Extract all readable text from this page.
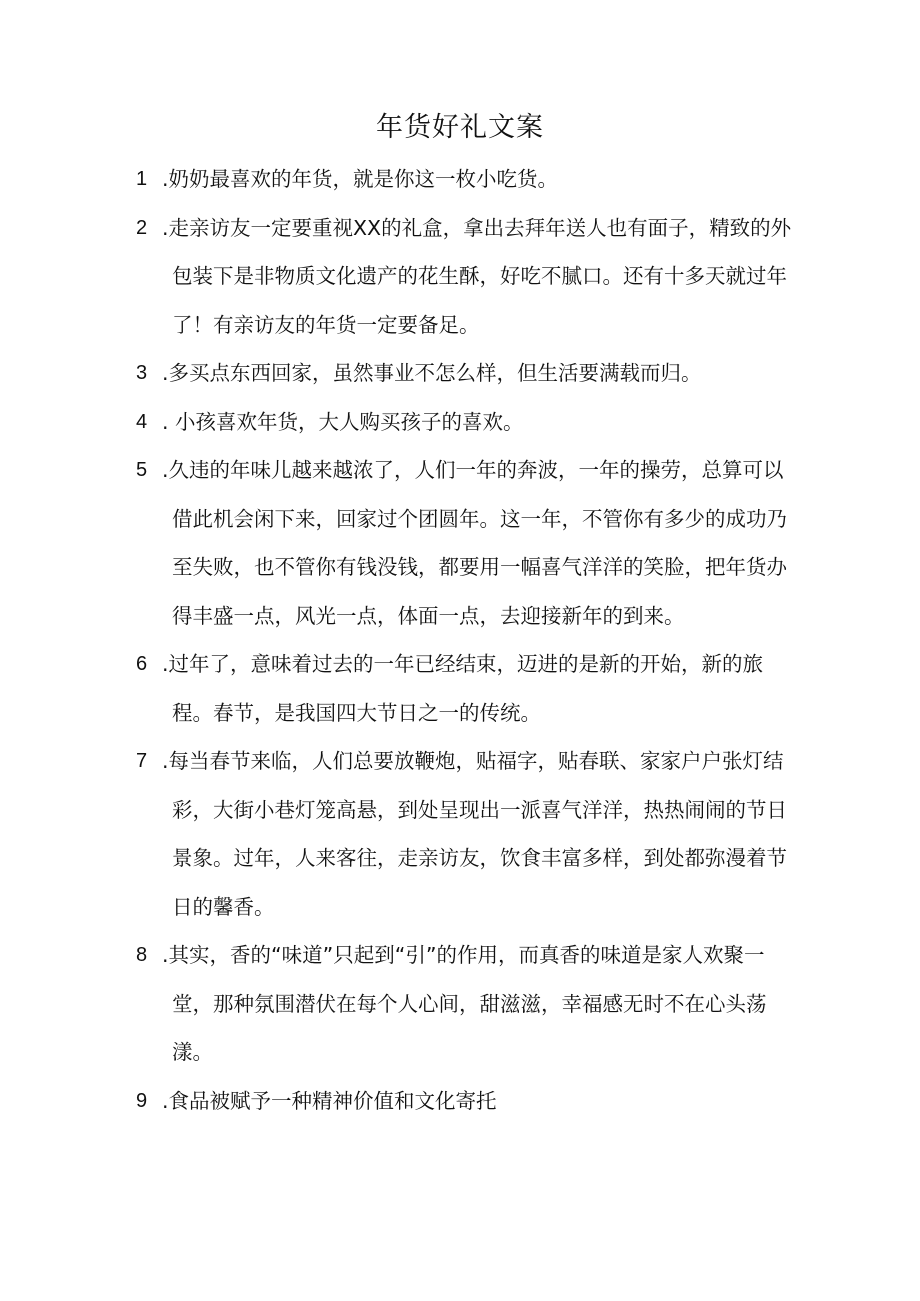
年货好礼文案
1 .奶奶最喜欢的年货，就是你这一枚小吃货。
2 .走亲访友一定要重视XX的礼盒，拿出去拜年送人也有面子，精致的外包装下是非物质文化遗产的花生酥，好吃不腻口。还有十多天就过年了！有亲访友的年货一定要备足。
3 .多买点东西回家，虽然事业不怎么样，但生活要满载而归。
4 . 小孩喜欢年货，大人购买孩子的喜欢。
5 .久违的年味儿越来越浓了，人们一年的奔波，一年的操劳，总算可以借此机会闲下来，回家过个团圆年。这一年，不管你有多少的成功乃至失败，也不管你有钱没钱，都要用一幅喜气洋洋的笑脸，把年货办得丰盛一点，风光一点，体面一点，去迎接新年的到来。
6 .过年了，意味着过去的一年已经结束，迈进的是新的开始，新的旅程。春节，是我国四大节日之一的传统。
7 .每当春节来临，人们总要放鞭炮，贴福字，贴春联、家家户户张灯结彩，大街小巷灯笼高悬，到处呈现出一派喜气洋洋，热热闹闹的节日景象。过年，人来客往，走亲访友，饮食丰富多样，到处都弥漫着节日的馨香。
8 .其实，香的“味道”只起到“引”的作用，而真香的味道是家人欢聚一堂，那种氛围潜伏在每个人心间，甜滋滋，幸福感无时不在心头荡漾。
9 .食品被赋予一种精神价值和文化寄托
